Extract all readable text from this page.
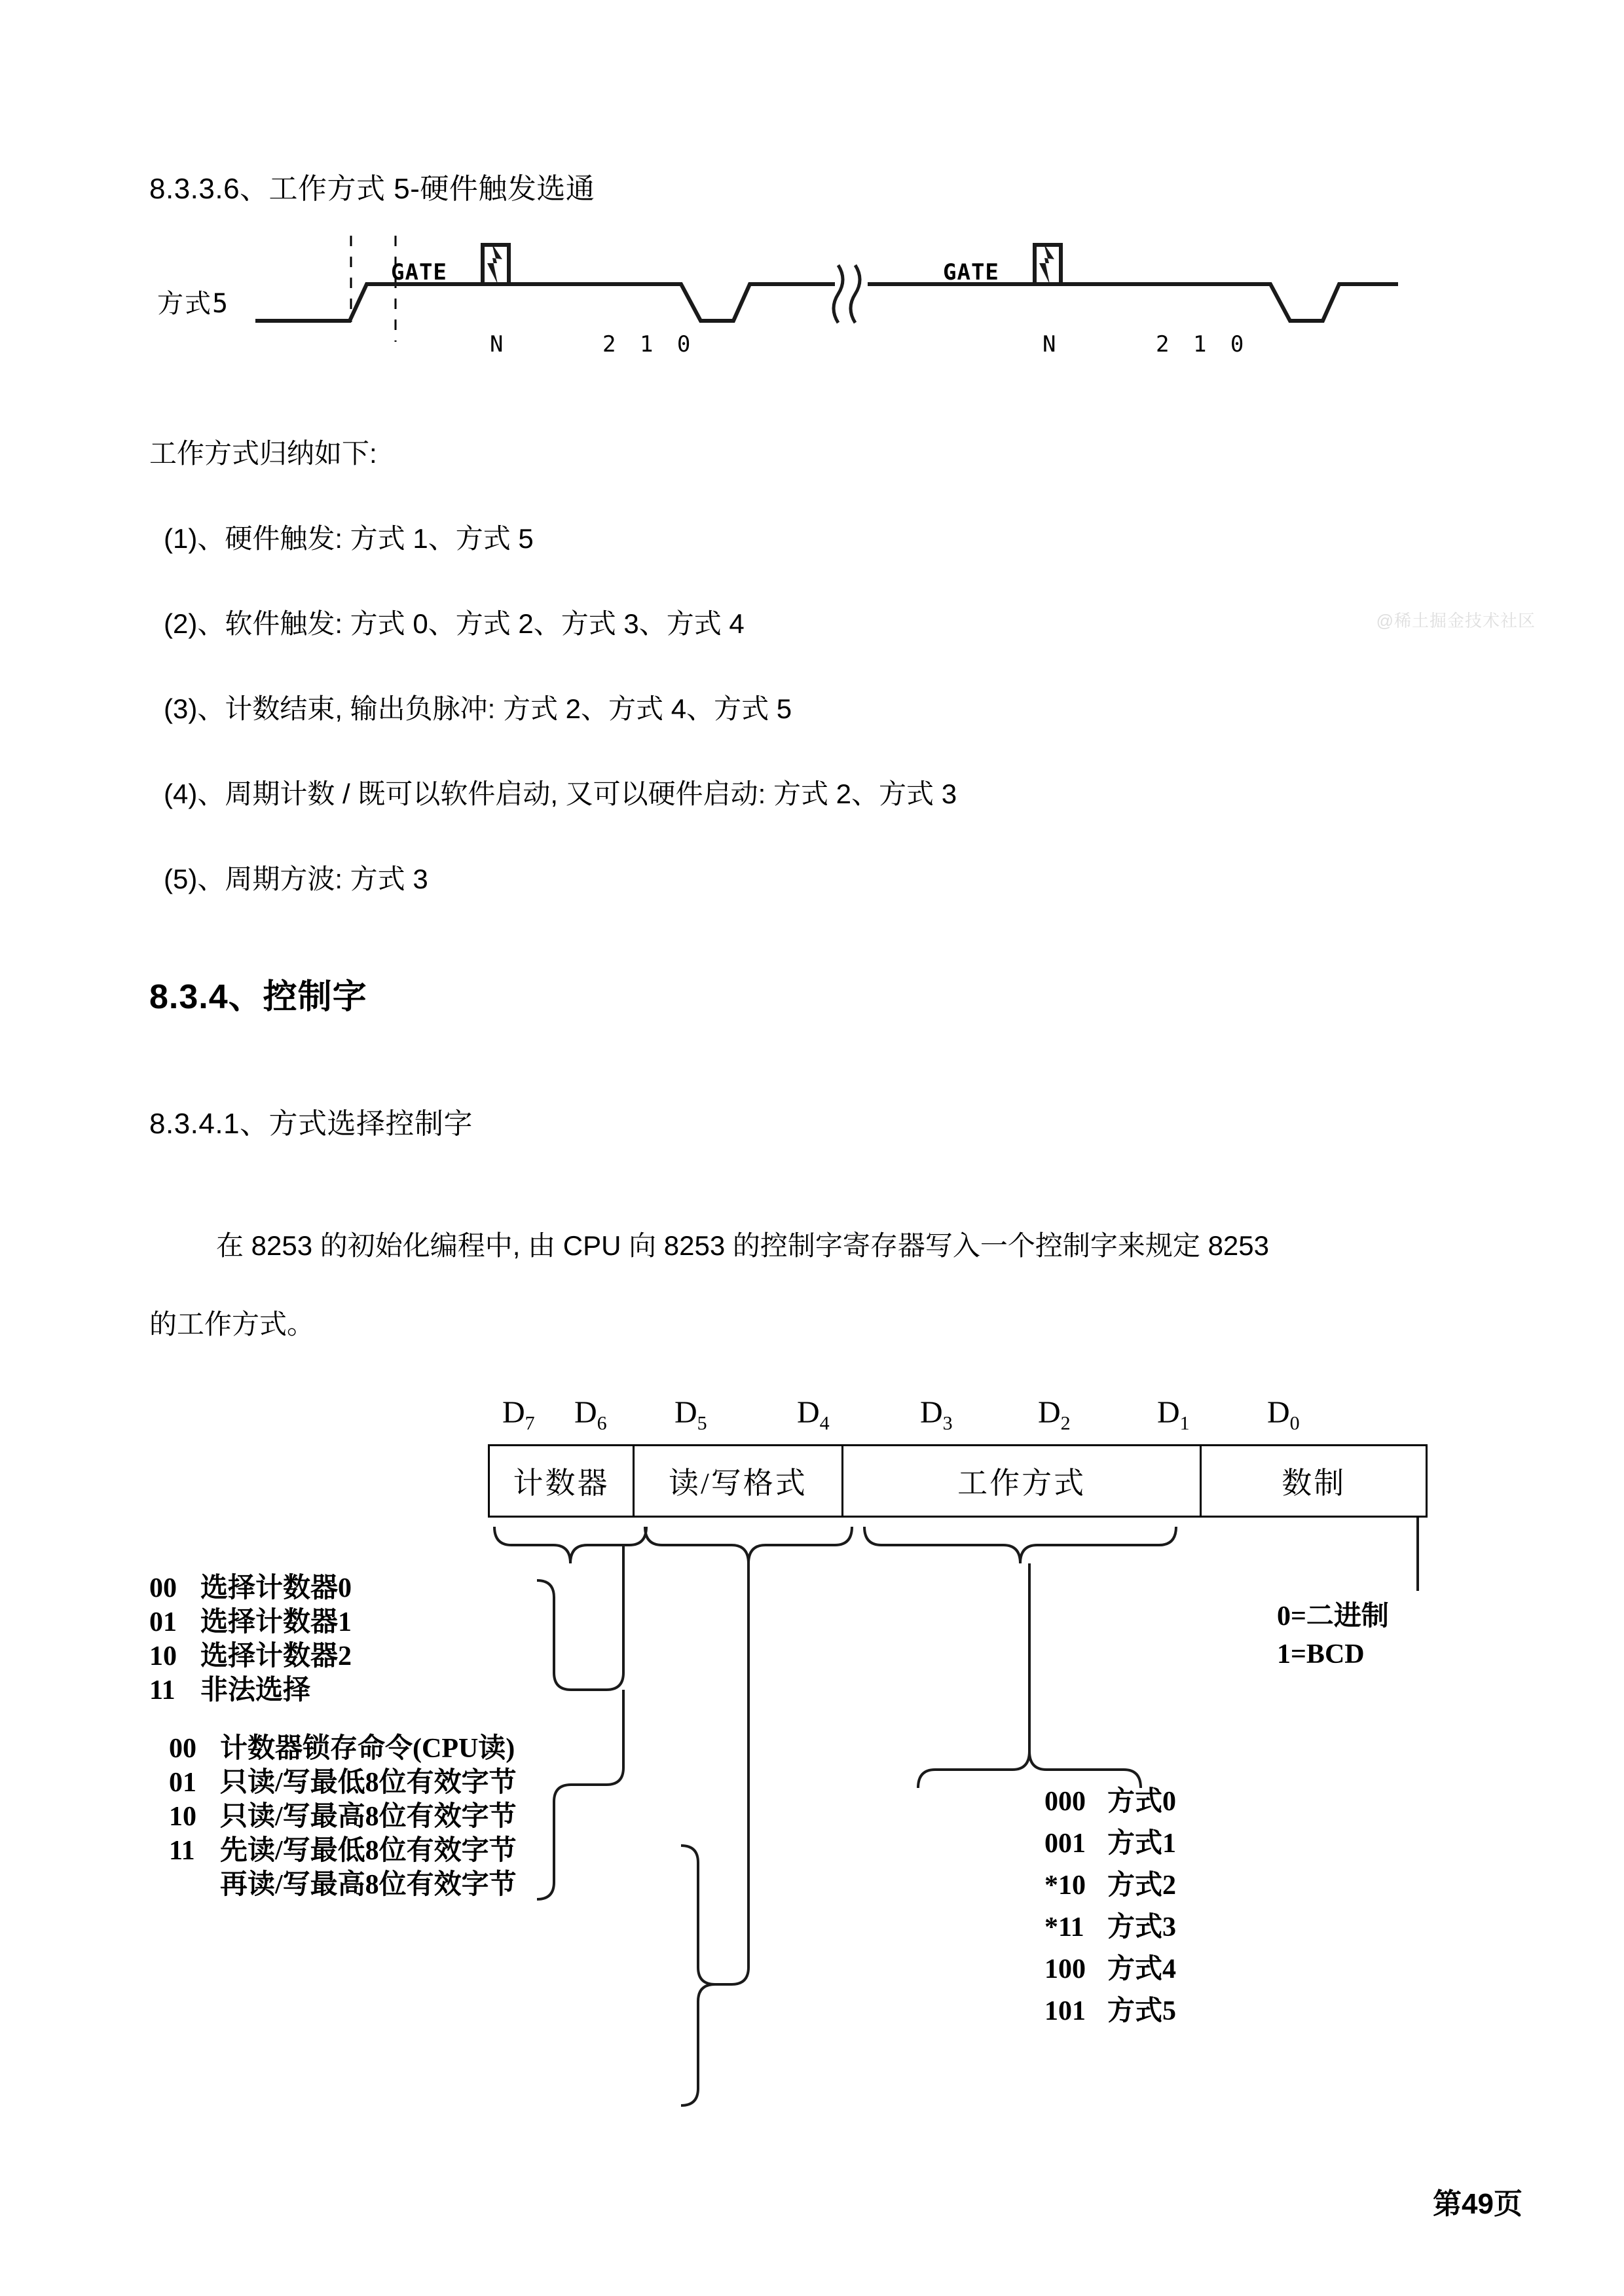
8.3.3.6、工作方式 5-硬件触发选通
方式5
GATE	GATE
N	2 1 0	N	2 1 0
工作方式归纳如下:
(1)、硬件触发: 方式 1、方式 5
(2)、软件触发: 方式 0、方式 2、方式 3、方式 4
(3)、计数结束, 输出负脉冲: 方式 2、方式 4、方式 5
(4)、周期计数 / 既可以软件启动, 又可以硬件启动: 方式 2、方式 3
(5)、周期方波: 方式 3
8.3.4、控制字
8.3.4.1、方式选择控制字
在 8253 的初始化编程中, 由 CPU 向 8253 的控制字寄存器写入一个控制字来规定 8253
的工作方式。
$D_7$ $D_6$ $D_5$	$D_4$	$D_3$	$D_2$	$D_1$ $D_0$
计数器	读/写格式	工作方式	数制
00 选择计数器0
01 选择计数器1
10 选择计数器2
11 非法选择
00 计数器锁存命令(CPU读)
01 只读/写最低8位有效字节
10 只读/写最高8位有效字节
11 先读/写最低8位有效字节
再读/写最高8位有效字节
000 方式0
001 方式1
*10 方式2
*11 方式3
100 方式4
101 方式5
0=二进制
1=BCD
@稀土掘金技术社区
第49页
